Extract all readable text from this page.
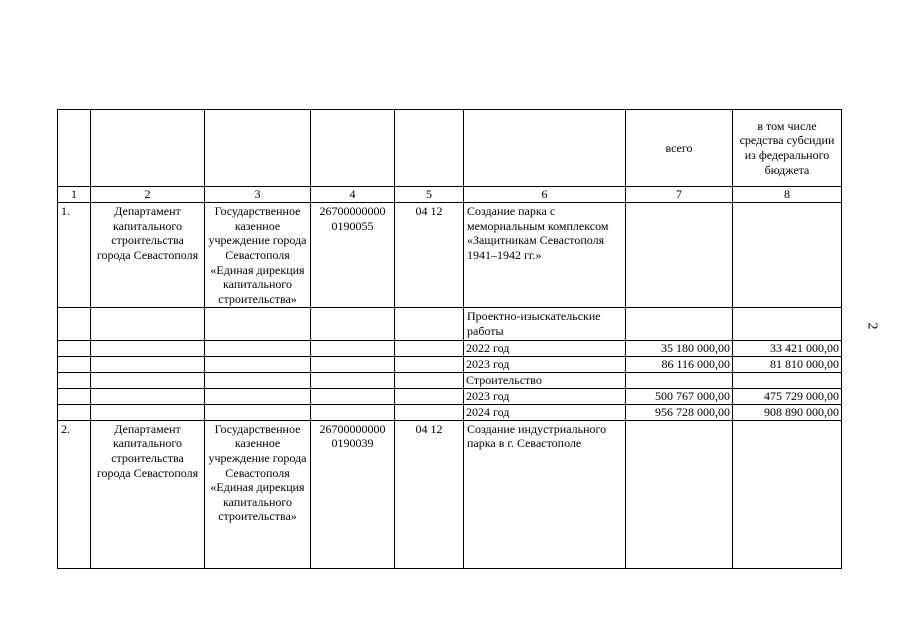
2
						всего	в том числе средства субсидии из федерального бюджета
1	2	3	4	5	6	7	8
1.	Департамент капитального строительства города Севастополя	Государственное казенное учреждение города Севастополя «Единая дирекция капитального строительства»	26700000000 0190055	04 12	Создание парка с мемориальным комплексом «Защитникам Севастополя 1941–1942 гг.»		
					Проектно-изыскательские работы		
					2022 год	35 180 000,00	33 421 000,00
					2023 год	86 116 000,00	81 810 000,00
					Строительство		
					2023 год	500 767 000,00	475 729 000,00
					2024 год	956 728 000,00	908 890 000,00
2.	Департамент капитального строительства города Севастополя	Государственное казенное учреждение города Севастополя «Единая дирекция капитального строительства»	26700000000 0190039	04 12	Создание индустриального парка в г. Севастополе		
